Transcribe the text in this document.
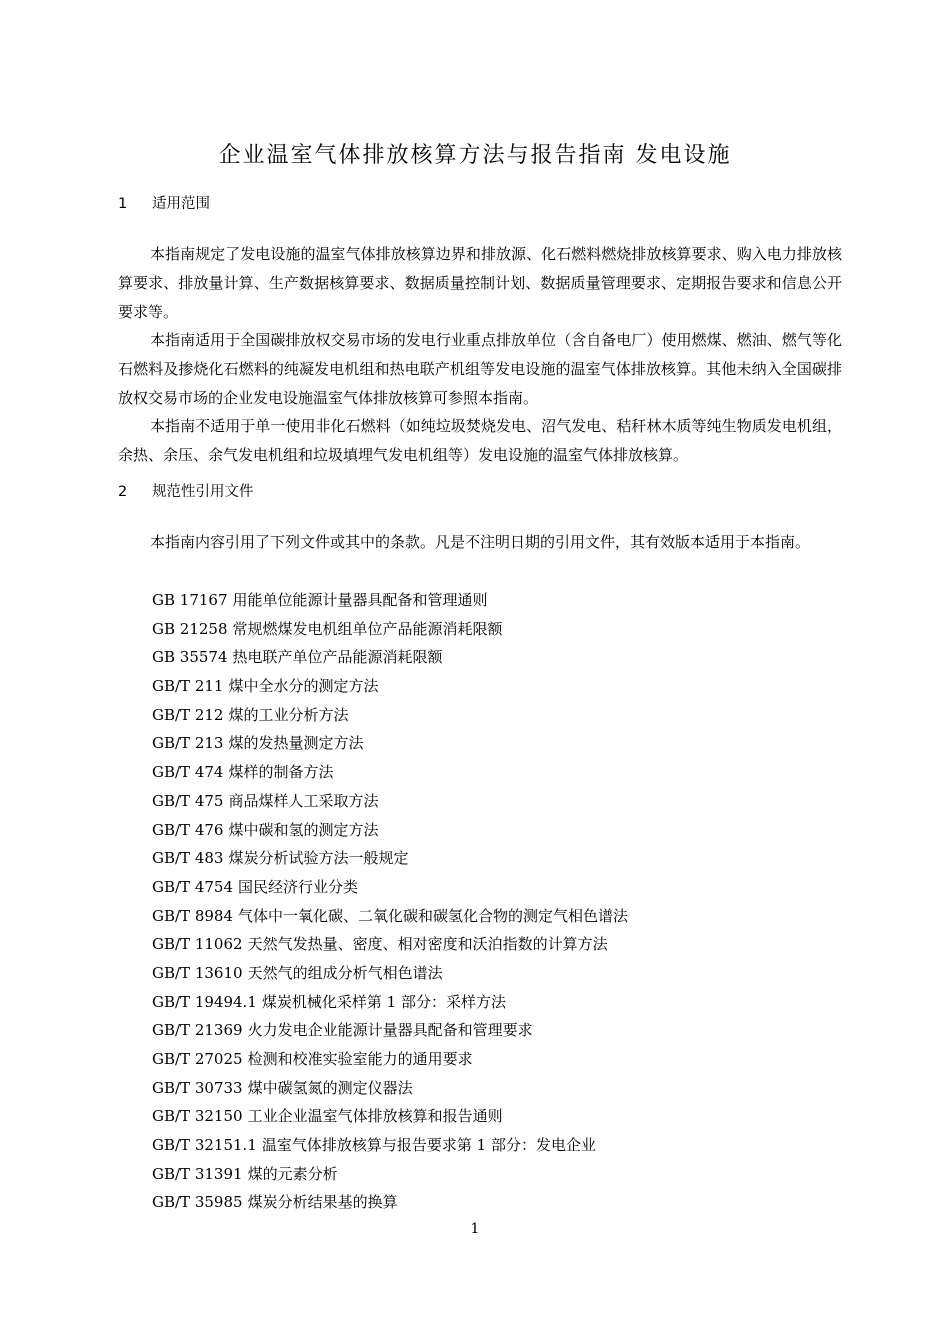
企业温室气体排放核算方法与报告指南 发电设施
1 适用范围

本指南规定了发电设施的温室气体排放核算边界和排放源、化石燃料燃烧排放核算要求、购入电力排放核算要求、排放量计算、生产数据核算要求、数据质量控制计划、数据质量管理要求、定期报告要求和信息公开要求等。

本指南适用于全国碳排放权交易市场的发电行业重点排放单位（含自备电厂）使用燃煤、燃油、燃气等化石燃料及掺烧化石燃料的纯凝发电机组和热电联产机组等发电设施的温室气体排放核算。其他未纳入全国碳排放权交易市场的企业发电设施温室气体排放核算可参照本指南。

本指南不适用于单一使用非化石燃料（如纯垃圾焚烧发电、沼气发电、秸秆林木质等纯生物质发电机组，余热、余压、余气发电机组和垃圾填埋气发电机组等）发电设施的温室气体排放核算。

2 规范性引用文件

本指南内容引用了下列文件或其中的条款。凡是不注明日期的引用文件，其有效版本适用于本指南。

GB 17167 用能单位能源计量器具配备和管理通则
GB 21258 常规燃煤发电机组单位产品能源消耗限额
GB 35574 热电联产单位产品能源消耗限额
GB/T 211 煤中全水分的测定方法
GB/T 212 煤的工业分析方法
GB/T 213 煤的发热量测定方法
GB/T 474 煤样的制备方法
GB/T 475 商品煤样人工采取方法
GB/T 476 煤中碳和氢的测定方法
GB/T 483 煤炭分析试验方法一般规定
GB/T 4754 国民经济行业分类
GB/T 8984 气体中一氧化碳、二氧化碳和碳氢化合物的测定气相色谱法
GB/T 11062 天然气发热量、密度、相对密度和沃泊指数的计算方法
GB/T 13610 天然气的组成分析气相色谱法
GB/T 19494.1 煤炭机械化采样第 1 部分：采样方法
GB/T 21369 火力发电企业能源计量器具配备和管理要求
GB/T 27025 检测和校准实验室能力的通用要求
GB/T 30733 煤中碳氢氮的测定仪器法
GB/T 32150 工业企业温室气体排放核算和报告通则
GB/T 32151.1 温室气体排放核算与报告要求第 1 部分：发电企业
GB/T 31391 煤的元素分析
GB/T 35985 煤炭分析结果基的换算
1
